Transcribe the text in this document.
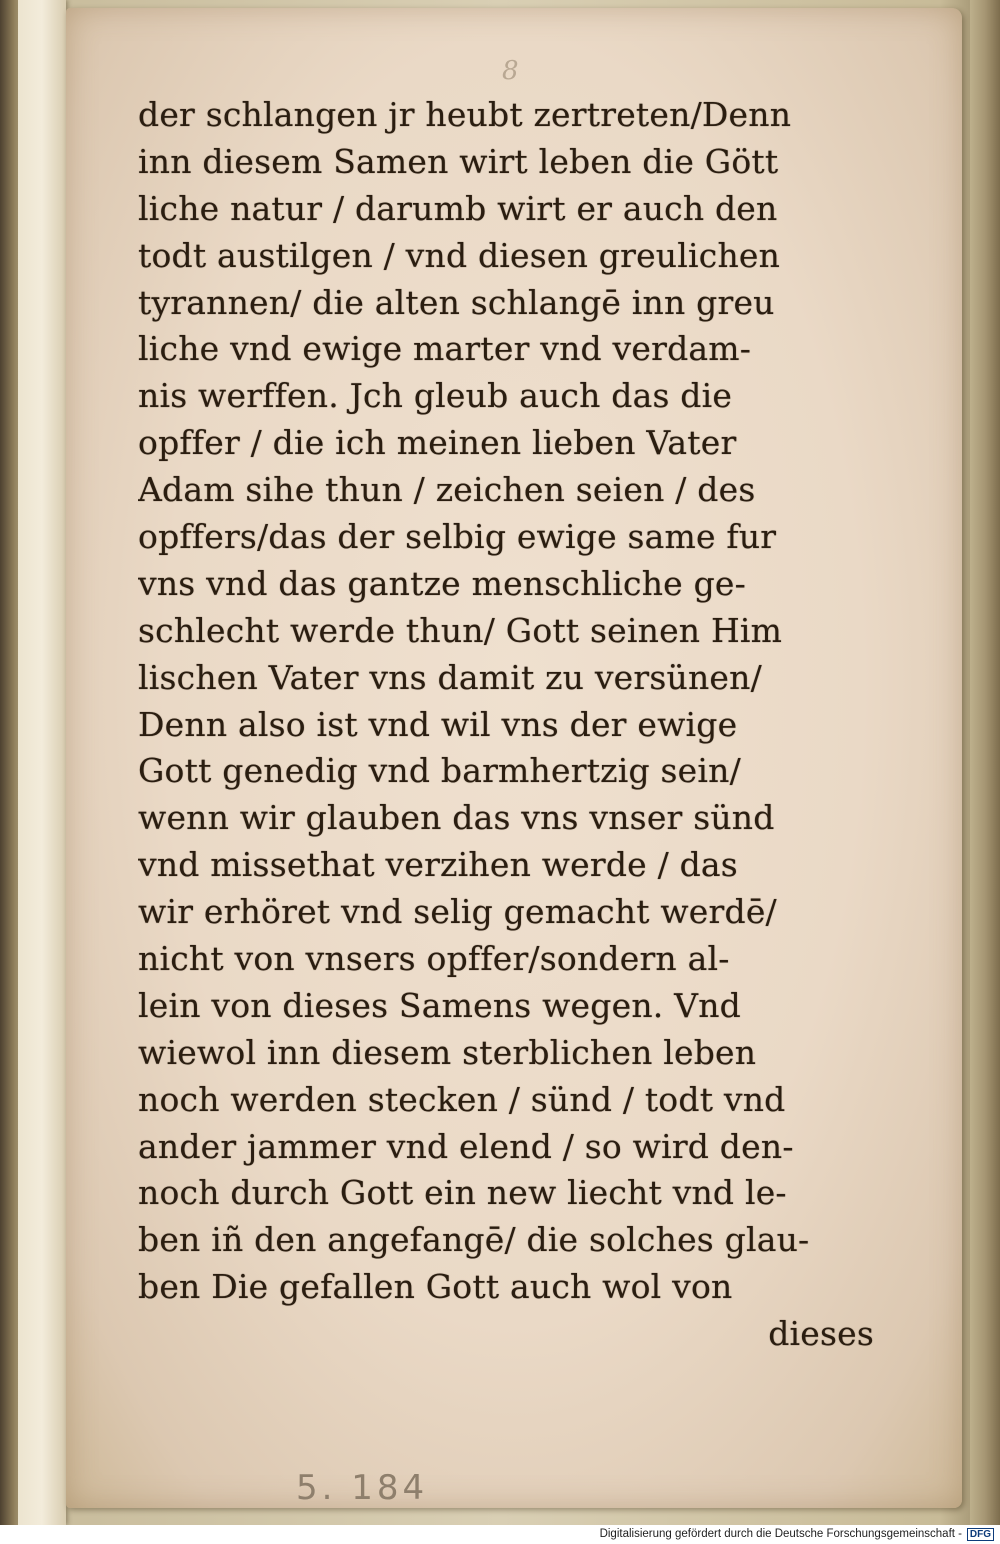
8
der schlangen jr heubt zertreten/Denn
inn diesem Samen wirt leben die Gött
liche natur / darumb wirt er auch den
todt austilgen / vnd diesen greulichen
tyrannen/ die alten schlangē inn greu
liche vnd ewige marter vnd verdam-
nis werffen. Jch gleub auch das die
opffer / die ich meinen lieben Vater
Adam sihe thun / zeichen seien / des
opffers/das der selbig ewige same fur
vns vnd das gantze menschliche ge-
schlecht werde thun/ Gott seinen Him
lischen Vater vns damit zu versünen/
Denn also ist vnd wil vns der ewige
Gott genedig vnd barmhertzig sein/
wenn wir glauben das vns vnser sünd
vnd missethat verzihen werde / das
wir erhöret vnd selig gemacht werdē/
nicht von vnsers opffer/sondern al-
lein von dieses Samens wegen. Vnd
wiewol inn diesem sterblichen leben
noch werden stecken / sünd / todt vnd
ander jammer vnd elend / so wird den-
noch durch Gott ein new liecht vnd le-
ben iñ den angefangē/ die solches glau-
ben Die gefallen Gott auch wol von
dieses
5. 184
Digitalisierung gefördert durch die Deutsche Forschungsgemeinschaft - DFG
